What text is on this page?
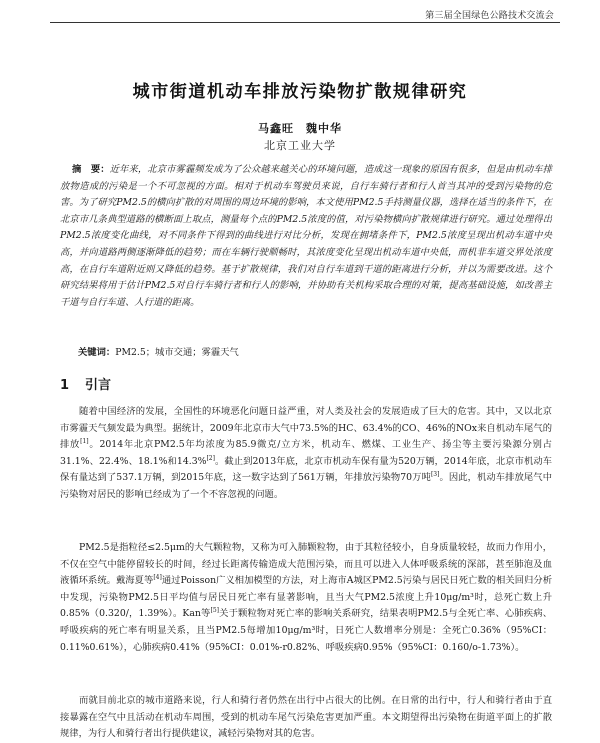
第三届全国绿色公路技术交流会
城市街道机动车排放污染物扩散规律研究
马鑫旺　魏中华
北京工业大学

摘　要：近年来，北京市雾霾频发成为了公众越来越关心的环境问题，造成这一现象的原因有很多，但是由机动车排放物造成的污染是一个不可忽视的方面。相对于机动车驾驶员来说，自行车骑行者和行人首当其冲的受到污染物的危害。为了研究PM2.5的横向扩散的对周围的周边环境的影响，本文使用PM2.5手持测量仪器，选择在适当的条件下，在北京市几条典型道路的横断面上取点，测量每个点的PM2.5浓度的值，对污染物横向扩散规律进行研究。通过处理得出PM2.5浓度变化曲线，对不同条件下得到的曲线进行对比分析，发现在拥堵条件下，PM2.5浓度呈现出机动车道中央高，并向道路两侧逐渐降低的趋势；而在车辆行驶顺畅时，其浓度变化呈现出机动车道中央低，而机非车道交界处浓度高，在自行车道附近则又降低的趋势。基于扩散规律，我们对自行车道到干道的距离进行分析，并以为需要改进。这个研究结果将用于估计PM2.5对自行车骑行者和行人的影响，并协助有关机构采取合理的对策，提高基础设施，如改善主干道与自行车道、人行道的距离。

关键词：PM2.5；城市交通；雾霾天气
1 引言

随着中国经济的发展，全国性的环境恶化问题日益严重，对人类及社会的发展造成了巨大的危害。其中，又以北京市雾霾天气频发最为典型。据统计，2009年北京市大气中73.5%的HC、63.4%的CO、46%的NOx来自机动车尾气的排放[1]。2014年北京PM2.5年均浓度为85.9微克/立方米，机动车、燃煤、工业生产、扬尘等主要污染源分别占31.1%、22.4%、18.1%和14.3%[2]。截止到2013年底，北京市机动车保有量为520万辆，2014年底，北京市机动车保有量达到了537.1万辆，到2015年底，这一数字达到了561万辆，年排放污染物70万吨[3]。因此，机动车排放尾气中污染物对居民的影响已经成为了一个不容忽视的问题。

PM2.5是指粒径≤2.5μm的大气颗粒物，又称为可入肺颗粒物，由于其粒径较小，自身质量较轻，故而力作用小，不仅在空气中能停留较长的时间，经过长距离传输造成大范围污染，而且可以进入人体呼吸系统的深部，甚至肺泡及血液循环系统。戴海夏等[4]通过Poisson广义相加模型的方法，对上海市A城区PM2.5污染与居民日死亡数的相关回归分析中发现，污染物PM2.5日平均值与居民日死亡率有显著影响，且当大气PM2.5浓度上升10μg/m³时，总死亡数上升0.85%（0.320/，1.39%）。Kan等[5]关于颗粒物对死亡率的影响关系研究，结果表明PM2.5与全死亡率、心肺疾病、呼吸疾病的死亡率有明显关系，且当PM2.5每增加10μg/m³时，日死亡人数增率分别是：全死亡0.36%（95%CI：0.11%0.61%），心肺疾病0.41%（95%CI：0.01%-r0.82%、呼吸疾病0.95%（95%CI：0.160/o-1.73%）。

而就目前北京的城市道路来说，行人和骑行者仍然在出行中占很大的比例。在日常的出行中，行人和骑行者由于直接暴露在空气中且活动在机动车周围，受到的机动车尾气污染危害更加严重。本文期望得出污染物在街道平面上的扩散规律，为行人和骑行者出行提供建议，减轻污染物对其的危害。
